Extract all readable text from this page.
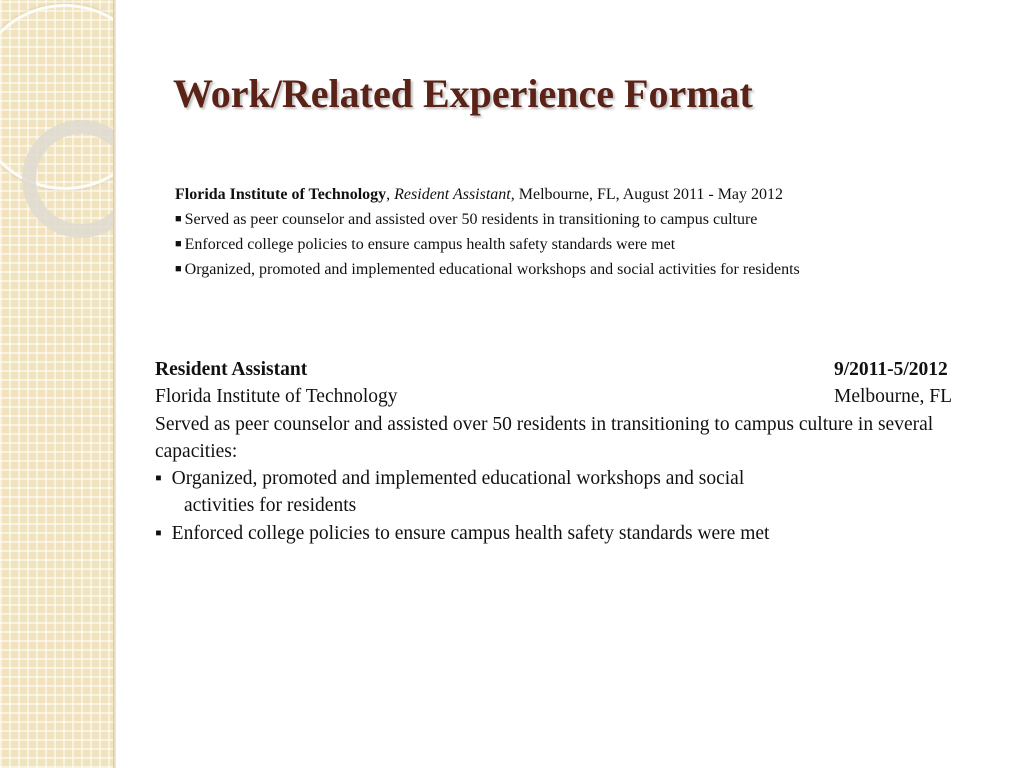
Work/Related Experience Format
Florida Institute of Technology, Resident Assistant, Melbourne, FL, August 2011 - May 2012
■ Served as peer counselor and assisted over 50 residents in transitioning to campus culture
■ Enforced college policies to ensure campus health safety standards were met
■ Organized, promoted and implemented educational workshops and social activities for residents
Resident Assistant	9/2011-5/2012
Florida Institute of Technology	Melbourne, FL
Served as peer counselor and assisted over 50 residents in transitioning to campus culture in several capacities:
▪ Organized, promoted and implemented educational workshops and social
activities for residents
▪ Enforced college policies to ensure campus health safety standards were met
